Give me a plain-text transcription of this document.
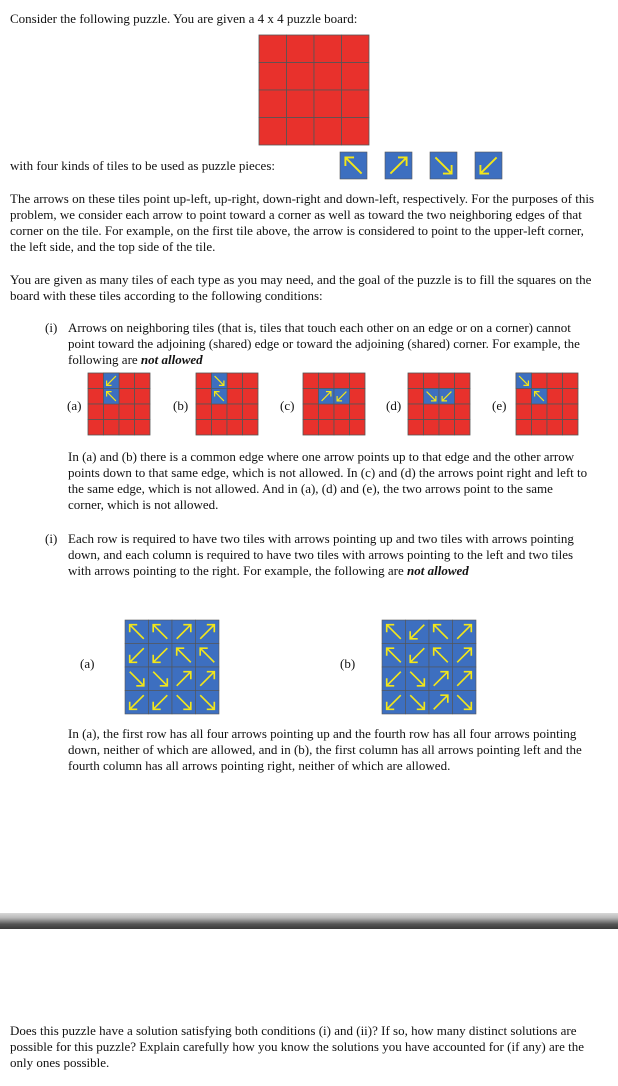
Consider the following puzzle. You are given a 4 x 4 puzzle board:

with four kinds of tiles to be used as puzzle pieces:

The arrows on these tiles point up-left, up-right, down-right and down-left, respectively. For the purposes of this problem, we consider each arrow to point toward a corner as well as toward the two neighboring edges of that corner on the tile. For example, on the first tile above, the arrow is considered to point to the upper-left corner, the left side, and the top side of the tile.

You are given as many tiles of each type as you may need, and the goal of the puzzle is to fill the squares on the board with these tiles according to the following conditions:

(i) Arrows on neighboring tiles (that is, tiles that touch each other on an edge or on a corner) cannot point toward the adjoining (shared) edge or toward the adjoining (shared) corner. For example, the following are not allowed

(a)	(b)	(c)	(d)	(e)

In (a) and (b) there is a common edge where one arrow points up to that edge and the other arrow points down to that same edge, which is not allowed. In (c) and (d) the arrows point right and left to the same edge, which is not allowed. And in (a), (d) and (e), the two arrows point to the same corner, which is not allowed.

(i) Each row is required to have two tiles with arrows pointing up and two tiles with arrows pointing down, and each column is required to have two tiles with arrows pointing to the left and two tiles with arrows pointing to the right. For example, the following are not allowed

(a)	(b)

In (a), the first row has all four arrows pointing up and the fourth row has all four arrows pointing down, neither of which are allowed, and in (b), the first column has all arrows pointing left and the fourth column has all arrows pointing right, neither of which are allowed.

Does this puzzle have a solution satisfying both conditions (i) and (ii)? If so, how many distinct solutions are possible for this puzzle? Explain carefully how you know the solutions you have accounted for (if any) are the only ones possible.
